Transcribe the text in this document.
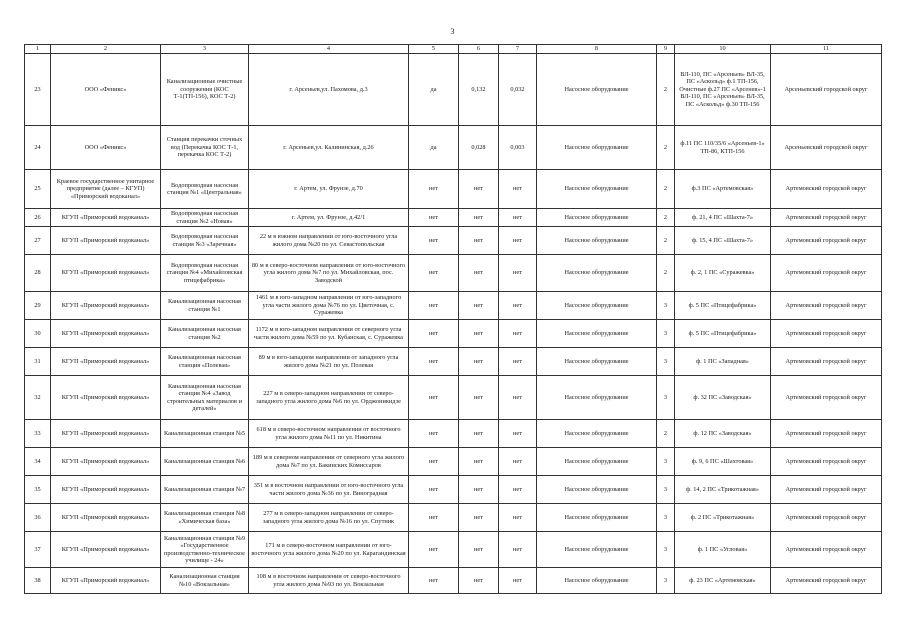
3
1	2	3	4	5	6	7	8	9	10	11
23	ООО «Феникс»	Канализационные очистные сооружения (КОС Т-1(ТП-156), КОС Т-2)	г. Арсеньев,ул. Пахомова, д.3	да	0,132	0,032	Насосное оборудование	2	ВЛ-110, ПС «Арсеньев» ВЛ-35, ПС «Аскольд» ф.1 ТП-156, Очистные ф.27 ПС «Арсенев»-1 ВЛ-110, ПС «Арсеньев» ВЛ-35, ПС «Аскольд» ф.30 ТП-156	Арсеньевский городской округ
24	ООО «Феникс»	Станция перекачки сточных вод (Перекачка КОС Т-1, перекачка КОС Т-2)	г. Арсеньев,ул. Калининская, д.26	да	0,028	0,003	Насосное оборудование	2	ф.11 ПС 110/35/6 «Арсеньев-1» ТП-86, КТП-156	Арсеньевский городской округ
25	Краевое государственное унитарное предприятие (далее – КГУП) «Приморский водоканал»	Водопроводная насосная станция №1 «Центральная»	г. Артем, ул. Фрунзе, д.70	нет	нет	нет	Насосное оборудование	2	ф.3 ПС «Артемовская»	Артемовский городской округ
26	КГУП «Приморский водоканал»	Водопроводная насосная станция №2 «Новая»	г. Артем, ул. Фрунзе, д.42/1	нет	нет	нет	Насосное оборудование	2	ф. 21, 4 ПС «Шахта-7»	Артемовский городской округ
27	КГУП «Приморский водоканал»	Водопроводная насосная станция №3 «Заречная»	22 м в южном направлении от юго-восточного угла жилого дома №20 по ул. Севастопольская	нет	нет	нет	Насосное оборудование	2	ф. 15, 4 ПС «Шахта-7»	Артемовский городской округ
28	КГУП «Приморский водоканал»	Водопроводная насосная станция №4 «Михайловская птицефабрика»	80 м в северо-восточном направлении от юго-восточного угла жилого дома №7 по ул. Михайловская, пос. Заводской	нет	нет	нет	Насосное оборудование	2	ф. 2, 1 ПС «Суражевка»	Артемовский городской округ
29	КГУП «Приморский водоканал»	Канализационная насосная станция №1	1461 м в юго-западном направлении от юго-западного угла части жилого дома №76 по ул. Цветочная, с. Суражевка	нет	нет	нет	Насосное оборудование	3	ф. 5 ПС «Птицефабрика»	Артемовский городской округ
30	КГУП «Приморский водоканал»	Канализационная насосная станция №2	1172 м в юго-западном направлении от северного угла части жилого дома №59 по ул. Кубанская, с. Суражевка	нет	нет	нет	Насосное оборудование	3	ф. 5 ПС «Птицефабрика»	Артемовский городской округ
31	КГУП «Приморский водоканал»	Канализационная насосная станция «Полевая»	89 м в юго-западном направлении от западного угла жилого дома №21 по ул. Полевая	нет	нет	нет	Насосное оборудование	3	ф. 1 ПС «Западная»	Артемовский городской округ
32	КГУП «Приморский водоканал»	Канализационная насосная станция №4 «Завод строительных материалов и деталей»	227 м в северо-западном направлении от северо-западного угла жилого дома №6 по ул. Орджоникидзе	нет	нет	нет	Насосное оборудование	3	ф. 32 ПС «Заводская»	Артемовский городской округ
33	КГУП «Приморский водоканал»	Канализационная станция №5	618 м в северо-восточном направлении от восточного угла жилого дома №11 по ул. Никитина	нет	нет	нет	Насосное оборудование	2	ф. 12 ПС «Заводская»	Артемовский городской округ
34	КГУП «Приморский водоканал»	Канализационная станция №6	189 м в северном направлении от северного угла жилого дома №7 по ул. Бакинских Комиссаров	нет	нет	нет	Насосное оборудование	3	ф. 9, 6 ПС «Шахтовая»	Артемовский городской округ
35	КГУП «Приморский водоканал»	Канализационная станция №7	351 м в восточном направлении от юго-восточного угла части жилого дома №36 по ул. Виноградная	нет	нет	нет	Насосное оборудование	3	ф. 14, 2 ПС «Трикотажная»	Артемовский городской округ
36	КГУП «Приморский водоканал»	Канализационная станция №8 «Химическая база»	277 м в северо-западном направлении от северо-западного угла жилого дома №16 по ул. Спутник	нет	нет	нет	Насосное оборудование	3	ф. 2 ПС «Трикотажная»	Артемовский городской округ
37	КГУП «Приморский водоканал»	Канализационная станция №9 «Государственное производственно-техническое училище - 24»	171 м в северо-восточном направлении от юго-восточного угла жилого дома №20 по ул. Карагандинская	нет	нет	нет	Насосное оборудование	3	ф. 1 ПС «Угловая»	Артемовский городской округ
38	КГУП «Приморский водоканал»	Канализационная станция №10 «Вокзальная»	108 м в восточном направлении от северо-восточного угла жилого дома №93 по ул. Вокзальная	нет	нет	нет	Насосное оборудование	3	ф. 23 ПС «Артемовская»	Артемовский городской округ
